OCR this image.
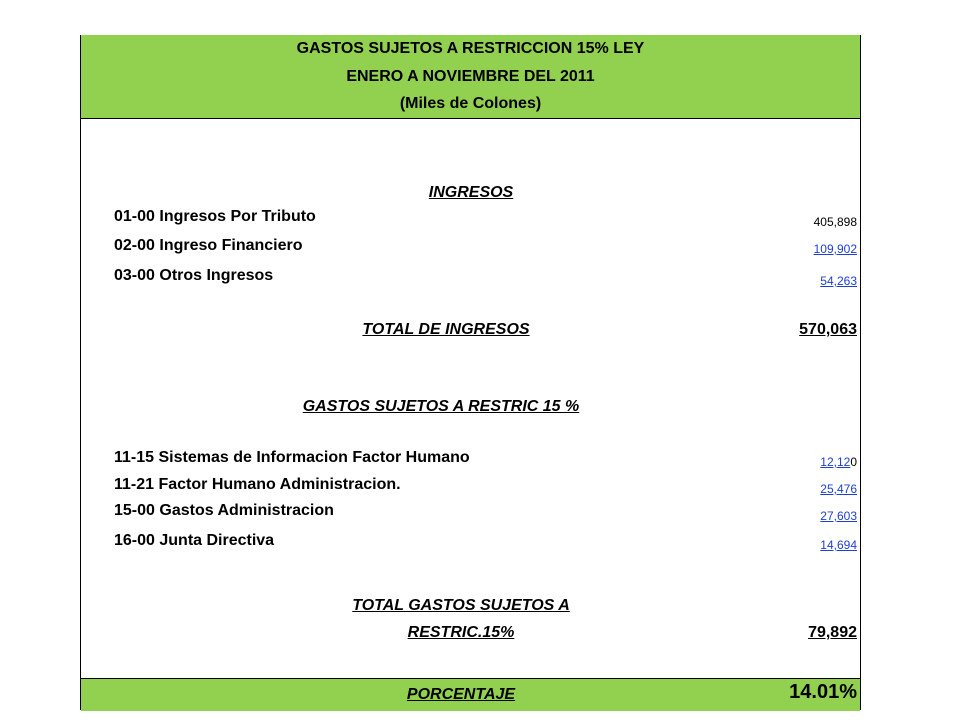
GASTOS SUJETOS A RESTRICCION 15% LEY
ENERO A NOVIEMBRE DEL 2011
(Miles de Colones)
INGRESOS
01-00 Ingresos Por Tributo	405,898
02-00 Ingreso Financiero	109,902
03-00 Otros Ingresos	54,263
TOTAL DE INGRESOS	570,063
GASTOS SUJETOS A RESTRIC 15 %
11-15 Sistemas de Informacion Factor Humano	12,120
11-21 Factor Humano Administracion.	25,476
15-00 Gastos Administracion	27,603
16-00 Junta Directiva	14,694
TOTAL GASTOS SUJETOS A
RESTRIC.15%	79,892
PORCENTAJE	14.01%
